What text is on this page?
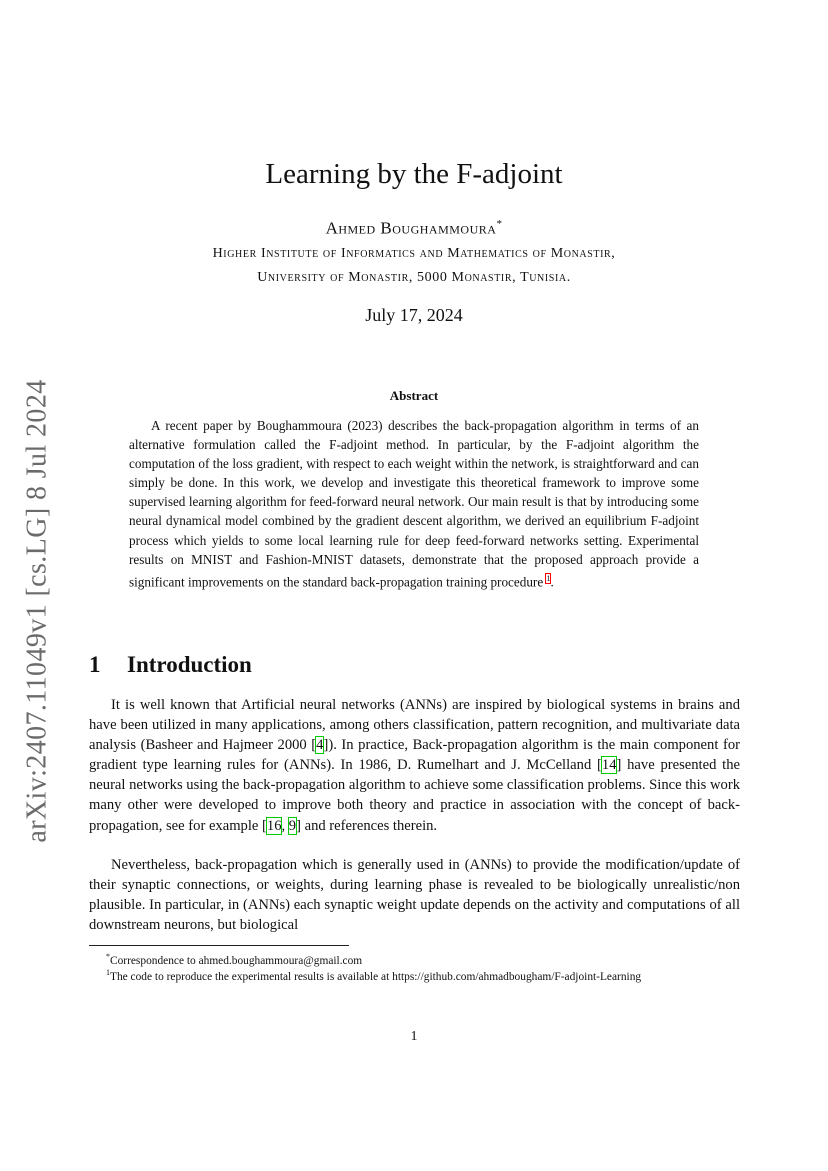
arXiv:2407.11049v1 [cs.LG] 8 Jul 2024
Learning by the F-adjoint
Ahmed Boughammoura*
Higher Institute of Informatics and Mathematics of Monastir,
University of Monastir, 5000 Monastir, Tunisia.
July 17, 2024
Abstract

A recent paper by Boughammoura (2023) describes the back-propagation algorithm in terms of an alternative formulation called the F-adjoint method. In particular, by the F-adjoint algorithm the computation of the loss gradient, with respect to each weight within the network, is straightforward and can simply be done. In this work, we develop and investigate this theoretical framework to improve some supervised learning algorithm for feed-forward neural network. Our main result is that by introducing some neural dynamical model combined by the gradient descent algorithm, we derived an equilibrium F-adjoint process which yields to some local learning rule for deep feed-forward networks setting. Experimental results on MNIST and Fashion-MNIST datasets, demonstrate that the proposed approach provide a significant improvements on the standard back-propagation training procedure $^1$.

1 Introduction

It is well known that Artificial neural networks (ANNs) are inspired by biological systems in brains and have been utilized in many applications, among others classification, pattern recognition, and multivariate data analysis (Basheer and Hajmeer 2000 [4]). In practice, Back-propagation algorithm is the main component for gradient type learning rules for (ANNs). In 1986, D. Rumelhart and J. McCelland [14] have presented the neural networks using the back-propagation algorithm to achieve some classification problems. Since this work many other were developed to improve both theory and practice in association with the concept of back-propagation, see for example [16, 9] and references therein.

Nevertheless, back-propagation which is generally used in (ANNs) to provide the modification/update of their synaptic connections, or weights, during learning phase is revealed to be biologically unrealistic/non plausible. In particular, in (ANNs) each synaptic weight update depends on the activity and computations of all downstream neurons, but biological

*Correspondence to ahmed.boughammoura@gmail.com

$^1$The code to reproduce the experimental results is available at https://github.com/ahmadbougham/F-adjoint-Learning

1
